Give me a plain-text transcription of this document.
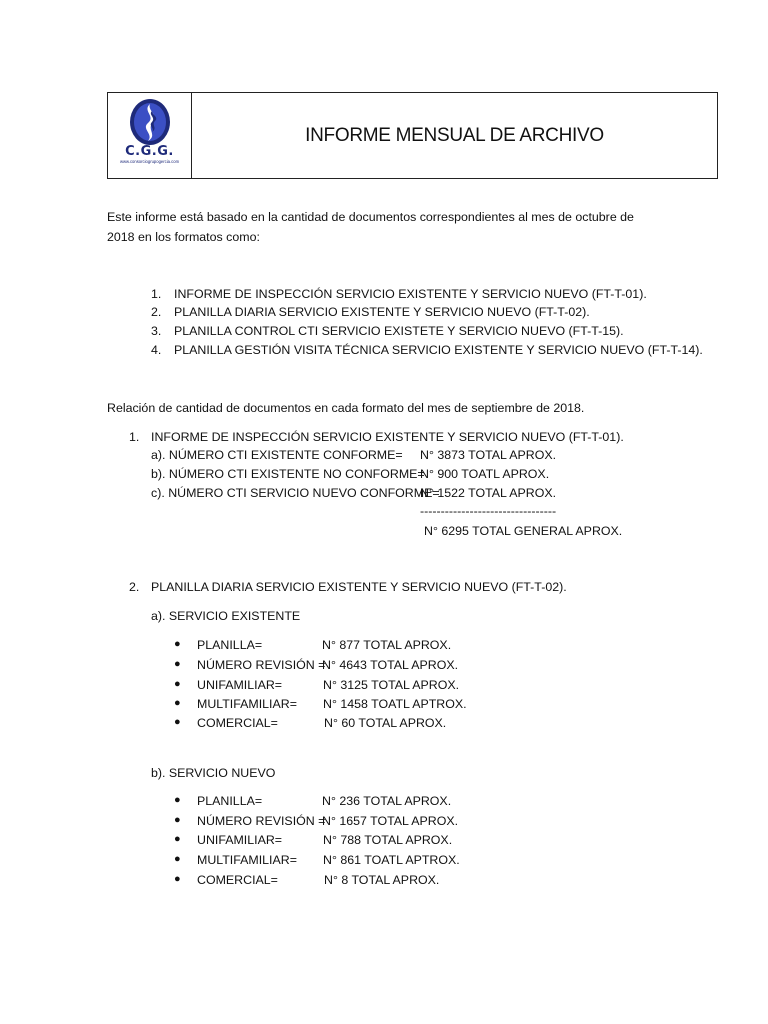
C.G.G.
www.consorciogrupogercia.com
INFORME MENSUAL DE ARCHIVO
Este informe está basado en la cantidad de documentos correspondientes al mes de octubre de 2018 en los formatos como:
1. INFORME DE INSPECCIÓN SERVICIO EXISTENTE Y SERVICIO NUEVO (FT-T-01).
2. PLANILLA DIARIA SERVICIO EXISTENTE Y SERVICIO NUEVO (FT-T-02).
3. PLANILLA CONTROL CTI SERVICIO EXISTETE Y SERVICIO NUEVO (FT-T-15).
4. PLANILLA GESTIÓN VISITA TÉCNICA SERVICIO EXISTENTE Y SERVICIO NUEVO (FT-T-14).
Relación de cantidad de documentos en cada formato del mes de septiembre de 2018.
1. INFORME DE INSPECCIÓN SERVICIO EXISTENTE Y SERVICIO NUEVO (FT-T-01).
a). NÚMERO CTI EXISTENTE CONFORME= N° 3873 TOTAL APROX.
b). NÚMERO CTI EXISTENTE NO CONFORME=
N° 900 TOATL APROX.
c). NÚMERO CTI SERVICIO NUEVO CONFORME=
N° 1522 TOTAL APROX.
---------------------------------
N° 6295 TOTAL GENERAL APROX.
2. PLANILLA DIARIA SERVICIO EXISTENTE Y SERVICIO NUEVO (FT-T-02).
a). SERVICIO EXISTENTE
● PLANILLA=	N° 877 TOTAL APROX.
● NÚMERO REVISIÓN =
N° 4643 TOTAL APROX.
● UNIFAMILIAR=	N° 3125 TOTAL APROX.
● MULTIFAMILIAR= N° 1458 TOATL APTROX.
● COMERCIAL=	N° 60 TOTAL APROX.
b). SERVICIO NUEVO
● PLANILLA=	N° 236 TOTAL APROX.
● NÚMERO REVISIÓN =
N° 1657 TOTAL APROX.
● UNIFAMILIAR=	N° 788 TOTAL APROX.
● MULTIFAMILIAR= N° 861 TOATL APTROX.
● COMERCIAL=	N° 8 TOTAL APROX.
